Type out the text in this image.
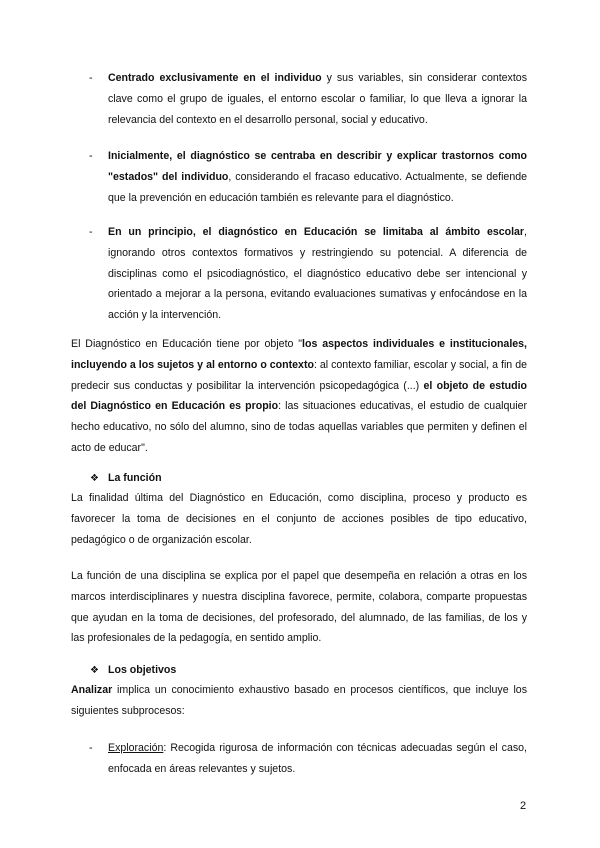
- Centrado exclusivamente en el individuo y sus variables, sin considerar contextos clave como el grupo de iguales, el entorno escolar o familiar, lo que lleva a ignorar la relevancia del contexto en el desarrollo personal, social y educativo.
- Inicialmente, el diagnóstico se centraba en describir y explicar trastornos como "estados" del individuo, considerando el fracaso educativo. Actualmente, se defiende que la prevención en educación también es relevante para el diagnóstico.
- En un principio, el diagnóstico en Educación se limitaba al ámbito escolar, ignorando otros contextos formativos y restringiendo su potencial. A diferencia de disciplinas como el psicodiagnóstico, el diagnóstico educativo debe ser intencional y orientado a mejorar a la persona, evitando evaluaciones sumativas y enfocándose en la acción y la intervención.
El Diagnóstico en Educación tiene por objeto "los aspectos individuales e institucionales, incluyendo a los sujetos y al entorno o contexto: al contexto familiar, escolar y social, a fin de predecir sus conductas y posibilitar la intervención psicopedagógica (...) el objeto de estudio del Diagnóstico en Educación es propio: las situaciones educativas, el estudio de cualquier hecho educativo, no sólo del alumno, sino de todas aquellas variables que permiten y definen el acto de educar".
❖ La función
La finalidad última del Diagnóstico en Educación, como disciplina, proceso y producto es favorecer la toma de decisiones en el conjunto de acciones posibles de tipo educativo, pedagógico o de organización escolar.
La función de una disciplina se explica por el papel que desempeña en relación a otras en los marcos interdisciplinares y nuestra disciplina favorece, permite, colabora, comparte propuestas que ayudan en la toma de decisiones, del profesorado, del alumnado, de las familias, de los y las profesionales de la pedagogía, en sentido amplio.
❖ Los objetivos
Analizar implica un conocimiento exhaustivo basado en procesos científicos, que incluye los siguientes subprocesos:
- Exploración: Recogida rigurosa de información con técnicas adecuadas según el caso, enfocada en áreas relevantes y sujetos.
2
